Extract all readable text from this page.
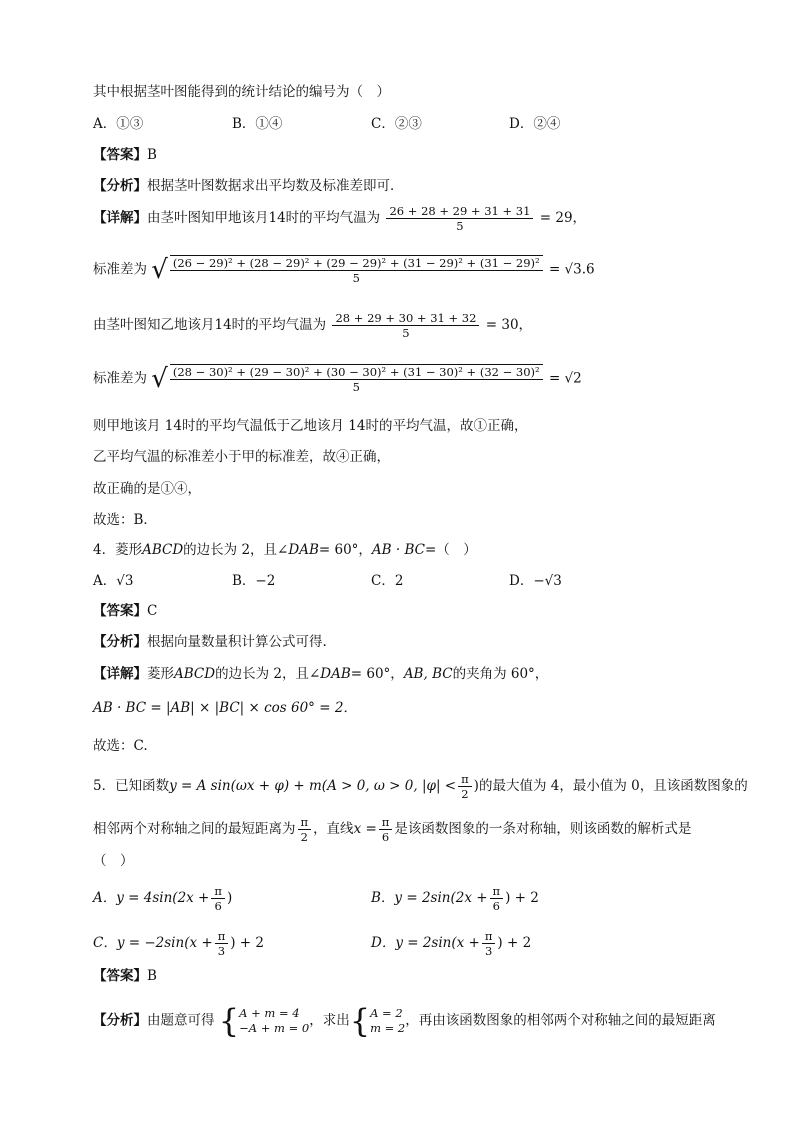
其中根据茎叶图能得到的统计结论的编号为（　）
A．①③	B．①④	C．②③	D．②④
【答案】B
【分析】根据茎叶图数据求出平均数及标准差即可．
【详解】由茎叶图知甲地该月14时的平均气温为 $\frac{26 + 28 + 29 + 31 + 31}{5} = 29$，
标准差为 √ (26 − 29)² + (28 − 29)² + (29 − 29)² + (31 − 29)² + (31 − 29)²
5
= √3.6
由茎叶图知乙地该月14时的平均气温为 $\frac{28 + 29 + 30 + 31 + 32}{5} = 30$，
标准差为 √ (28 − 30)² + (29 − 30)² + (30 − 30)² + (31 − 30)² + (32 − 30)²
5
= √2
则甲地该月 14时的平均气温低于乙地该月 14时的平均气温，故①正确，
乙平均气温的标准差小于甲的标准差，故④正确，
故正确的是①④，
故选：B．
4．菱形ABCD的边长为 2，且∠DAB= 60°，AB · BC=（　）
A．√3	B．−2	C．2	D．−√3
【答案】C
【分析】根据向量数量积计算公式可得.
【详解】菱形ABCD的边长为 2，且∠DAB= 60°，AB, BC的夹角为 60°，
AB · BC = |AB| × |BC| × cos 60° = 2．
故选：C.
5．已知函数y = A sin(ωx + φ) + m(A > 0, ω > 0, $|\varphi| < \frac{\pi}{2}$ )的最大值为 4，最小值为 0，且该函数图象的
相邻两个对称轴之间的最短距离为 $\frac{\pi}{2}$ ，直线$x = \frac{\pi}{6}$ 是该函数图象的一条对称轴，则该函数的解析式是
（　）
A．$y = 4\sin(2x + \frac{\pi}{6}$ )	B．$y = 2\sin(2x + \frac{\pi}{6}$ ) + 2
C．$y = -2\sin(x + \frac{\pi}{3}$ ) + 2	D．$y = 2\sin(x + \frac{\pi}{3}$ ) + 2
【答案】B
【分析】由题意可得 { A + m = 4
−A + m = 0 ，求出{ A = 2
m = 2 ，再由该函数图象的相邻两个对称轴之间的最短距离
